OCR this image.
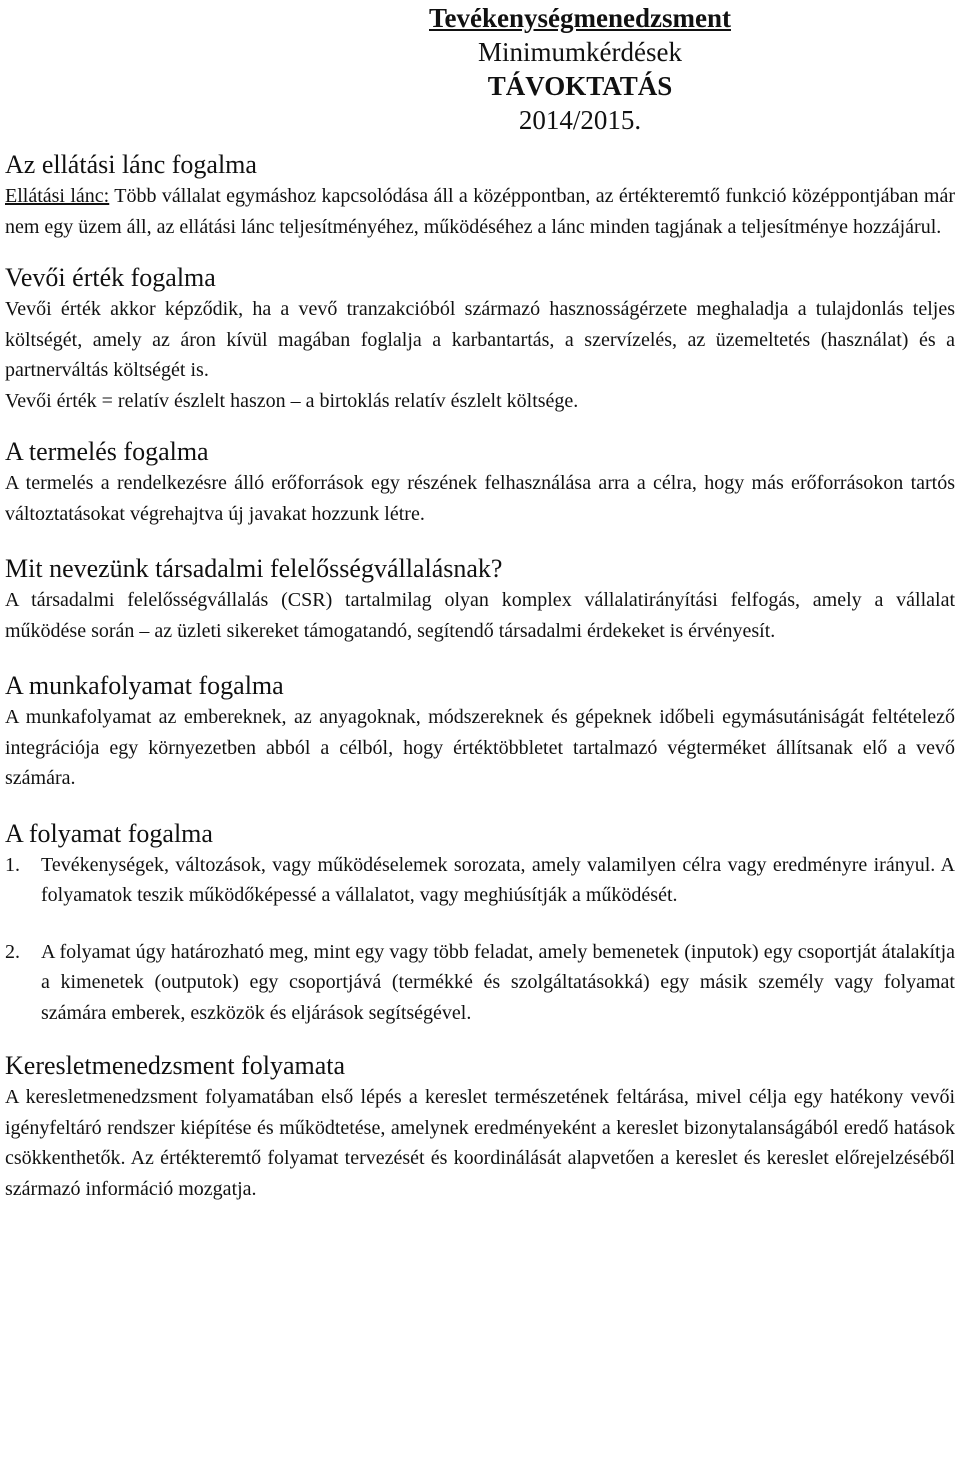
Tevékenységmenedzsment
Minimumkérdések
TÁVOKTATÁS
2014/2015.
Az ellátási lánc fogalma

Ellátási lánc: Több vállalat egymáshoz kapcsolódása áll a középpontban, az értékteremtő funkció középpontjában már nem egy üzem áll, az ellátási lánc teljesítményéhez, működéséhez a lánc minden tagjának a teljesítménye hozzájárul.

Vevői érték fogalma

Vevői érték akkor képződik, ha a vevő tranzakcióból származó hasznosságérzete meghaladja a tulajdonlás teljes költségét, amely az áron kívül magában foglalja a karbantartás, a szervízelés, az üzemeltetés (használat) és a partnerváltás költségét is.

Vevői érték = relatív észlelt haszon – a birtoklás relatív észlelt költsége.

A termelés fogalma

A termelés a rendelkezésre álló erőforrások egy részének felhasználása arra a célra, hogy más erőforrásokon tartós változtatásokat végrehajtva új javakat hozzunk létre.

Mit nevezünk társadalmi felelősségvállalásnak?

A társadalmi felelősségvállalás (CSR) tartalmilag olyan komplex vállalatirányítási felfogás, amely a vállalat működése során – az üzleti sikereket támogatandó, segítendő társadalmi érdekeket is érvényesít.

A munkafolyamat fogalma

A munkafolyamat az embereknek, az anyagoknak, módszereknek és gépeknek időbeli egymásutániságát feltételező integrációja egy környezetben abból a célból, hogy értéktöbbletet tartalmazó végterméket állítsanak elő a vevő számára.

A folyamat fogalma
1. Tevékenységek, változások, vagy működéselemek sorozata, amely valamilyen célra vagy eredményre irányul. A folyamatok teszik működőképessé a vállalatot, vagy meghiúsítják a működését.
2. A folyamat úgy határozható meg, mint egy vagy több feladat, amely bemenetek (inputok) egy csoportját átalakítja a kimenetek (outputok) egy csoportjává (termékké és szolgáltatásokká) egy másik személy vagy folyamat számára emberek, eszközök és eljárások segítségével.
Keresletmenedzsment folyamata

A keresletmenedzsment folyamatában első lépés a kereslet természetének feltárása, mivel célja egy hatékony vevői igényfeltáró rendszer kiépítése és működtetése, amelynek eredményeként a kereslet bizonytalanságából eredő hatások csökkenthetők. Az értékteremtő folyamat tervezését és koordinálását alapvetően a kereslet és kereslet előrejelzéséből származó információ mozgatja.
